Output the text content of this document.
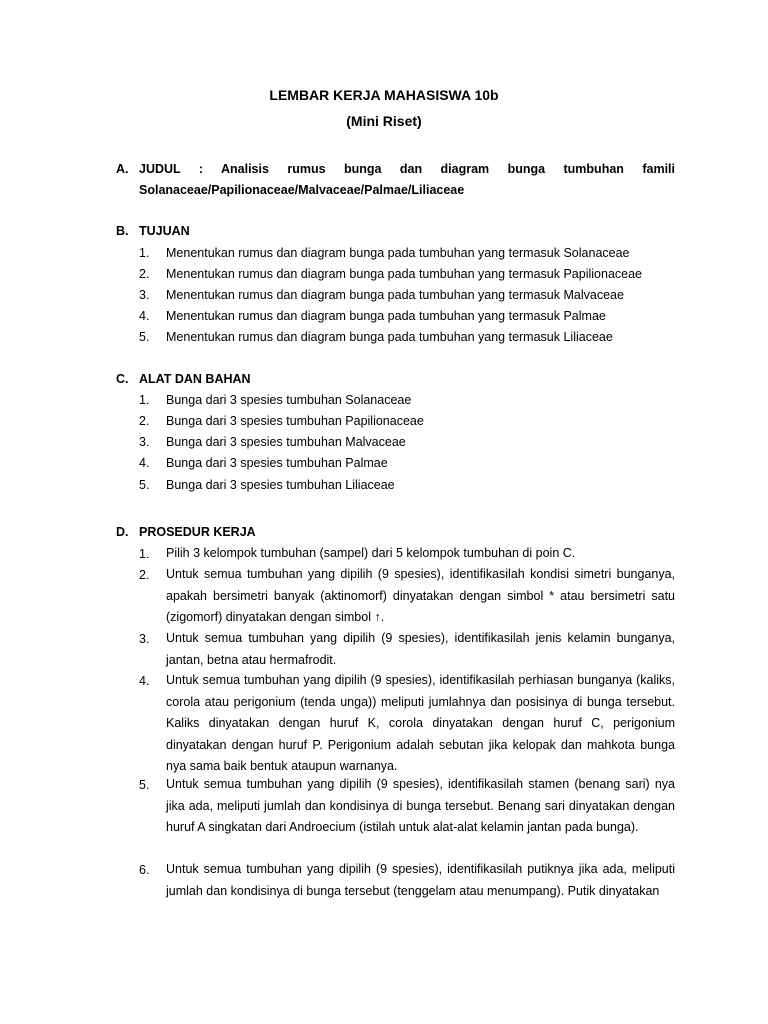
LEMBAR KERJA MAHASISWA 10b
(Mini Riset)
A. JUDUL : Analisis rumus bunga dan diagram bunga tumbuhan famili
Solanaceae/Papilionaceae/Malvaceae/Palmae/Liliaceae
B. TUJUAN
1. Menentukan rumus dan diagram bunga pada tumbuhan yang termasuk Solanaceae
2. Menentukan rumus dan diagram bunga pada tumbuhan yang termasuk Papilionaceae
3. Menentukan rumus dan diagram bunga pada tumbuhan yang termasuk Malvaceae
4. Menentukan rumus dan diagram bunga pada tumbuhan yang termasuk Palmae
5. Menentukan rumus dan diagram bunga pada tumbuhan yang termasuk Liliaceae
C. ALAT DAN BAHAN
1. Bunga dari 3 spesies tumbuhan Solanaceae
2. Bunga dari 3 spesies tumbuhan Papilionaceae
3. Bunga dari 3 spesies tumbuhan Malvaceae
4. Bunga dari 3 spesies tumbuhan Palmae
5. Bunga dari 3 spesies tumbuhan Liliaceae
D. PROSEDUR KERJA
1. Pilih 3 kelompok tumbuhan (sampel) dari 5 kelompok tumbuhan di poin C.

2. Untuk semua tumbuhan yang dipilih (9 spesies), identifikasilah kondisi simetri bunganya, apakah bersimetri banyak (aktinomorf) dinyatakan dengan simbol * atau bersimetri satu (zigomorf) dinyatakan dengan simbol ↑.

3. Untuk semua tumbuhan yang dipilih (9 spesies), identifikasilah jenis kelamin bunganya, jantan, betna atau hermafrodit.

4. Untuk semua tumbuhan yang dipilih (9 spesies), identifikasilah perhiasan bunganya (kaliks, corola atau perigonium (tenda unga)) meliputi jumlahnya dan posisinya di bunga tersebut. Kaliks dinyatakan dengan huruf K, corola dinyatakan dengan huruf C, perigonium dinyatakan dengan huruf P. Perigonium adalah sebutan jika kelopak dan mahkota bunga nya sama baik bentuk ataupun warnanya.

5. Untuk semua tumbuhan yang dipilih (9 spesies), identifikasilah stamen (benang sari) nya jika ada, meliputi jumlah dan kondisinya di bunga tersebut. Benang sari dinyatakan dengan huruf A singkatan dari Androecium (istilah untuk alat-alat kelamin jantan pada bunga).

6. Untuk semua tumbuhan yang dipilih (9 spesies), identifikasilah putiknya jika ada, meliputi jumlah dan kondisinya di bunga tersebut (tenggelam atau menumpang). Putik dinyatakan
